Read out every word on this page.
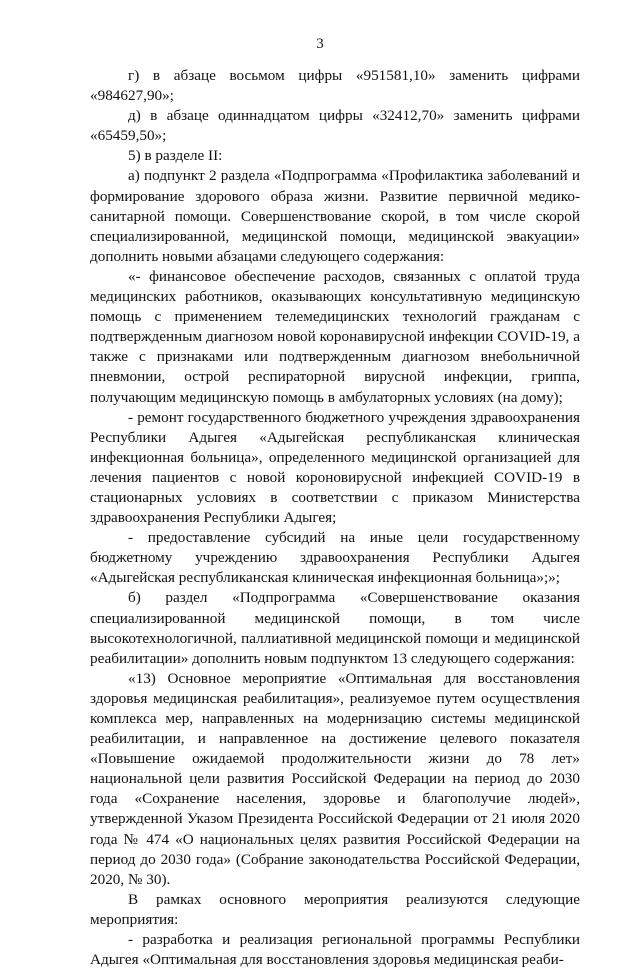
3

г) в абзаце восьмом цифры «951581,10» заменить цифрами «984627,90»;

д) в абзаце одиннадцатом цифры «32412,70» заменить цифрами «65459,50»;

5) в разделе II:

а) подпункт 2 раздела «Подпрограмма «Профилактика заболеваний и формирование здорового образа жизни. Развитие первичной медико-санитарной помощи. Совершенствование скорой, в том числе скорой специализированной, медицинской помощи, медицинской эвакуации» дополнить новыми абзацами следующего содержания:

«- финансовое обеспечение расходов, связанных с оплатой труда медицинских работников, оказывающих консультативную медицинскую помощь с применением телемедицинских технологий гражданам с подтвержденным диагнозом новой коронавирусной инфекции COVID-19, а также с признаками или подтвержденным диагнозом внебольничной пневмонии, острой респираторной вирусной инфекции, гриппа, получающим медицинскую помощь в амбулаторных условиях (на дому);

- ремонт государственного бюджетного учреждения здравоохранения Республики Адыгея «Адыгейская республиканская клиническая инфекционная больница», определенного медицинской организацией для лечения пациентов с новой короновирусной инфекцией COVID-19 в стационарных условиях в соответствии с приказом Министерства здравоохранения Республики Адыгея;

- предоставление субсидий на иные цели государственному бюджетному учреждению здравоохранения Республики Адыгея «Адыгейская республиканская клиническая инфекционная больница»;»;

б) раздел «Подпрограмма «Совершенствование оказания специализированной медицинской помощи, в том числе высокотехнологичной, паллиативной медицинской помощи и медицинской реабилитации» дополнить новым подпунктом 13 следующего содержания:

«13) Основное мероприятие «Оптимальная для восстановления здоровья медицинская реабилитация», реализуемое путем осуществления комплекса мер, направленных на модернизацию системы медицинской реабилитации, и направленное на достижение целевого показателя «Повышение ожидаемой продолжительности жизни до 78 лет» национальной цели развития Российской Федерации на период до 2030 года «Сохранение населения, здоровье и благополучие людей», утвержденной Указом Президента Российской Федерации от 21 июля 2020 года № 474 «О национальных целях развития Российской Федерации на период до 2030 года» (Собрание законодательства Российской Федерации, 2020, № 30).

В рамках основного мероприятия реализуются следующие мероприятия:

- разработка и реализация региональной программы Республики Адыгея «Оптимальная для восстановления здоровья медицинская реаби-
